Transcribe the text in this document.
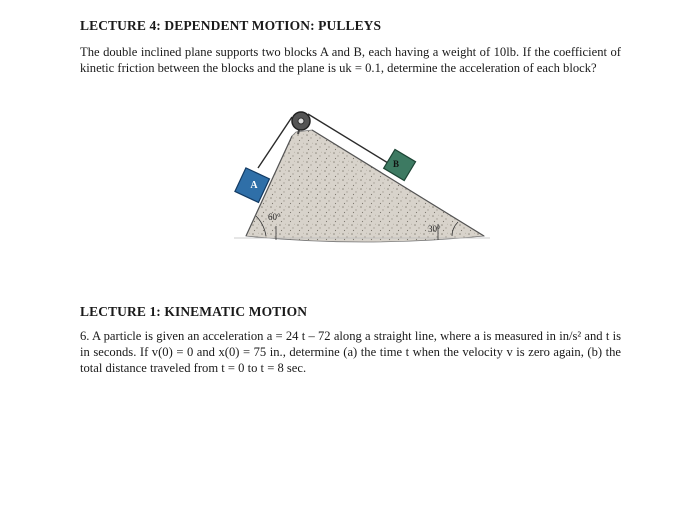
LECTURE 4: DEPENDENT MOTION: PULLEYS
The double inclined plane supports two blocks A and B, each having a weight of 10lb. If the coefficient of kinetic friction between the blocks and the plane is uk = 0.1, determine the acceleration of each block?
A
B
60°
30°
LECTURE 1: KINEMATIC MOTION
6. A particle is given an acceleration a = 24 t – 72 along a straight line, where a is measured in in/s² and t is in seconds. If v(0) = 0 and x(0) = 75 in., determine (a) the time t when the velocity v is zero again, (b) the total distance traveled from t = 0 to t = 8 sec.
